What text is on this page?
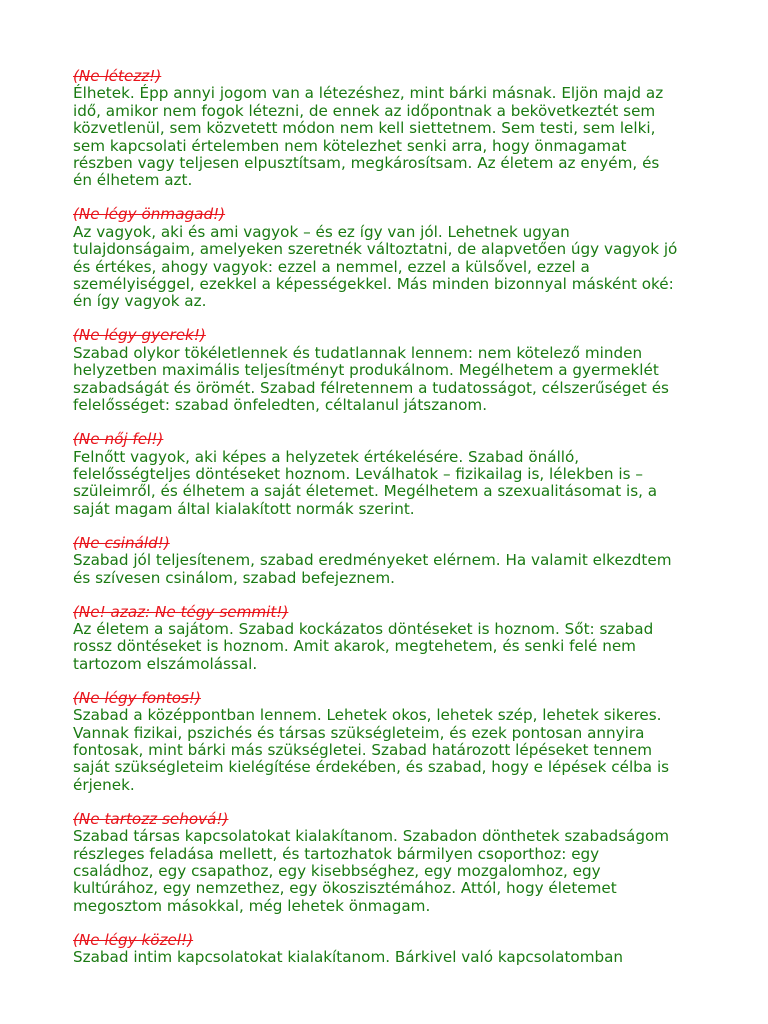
(Ne létezz!)
Élhetek. Épp annyi jogom van a létezéshez, mint bárki másnak. Eljön majd az
idő, amikor nem fogok létezni, de ennek az időpontnak a bekövetkeztét sem
közvetlenül, sem közvetett módon nem kell siettetnem. Sem testi, sem lelki,
sem kapcsolati értelemben nem kötelezhet senki arra, hogy önmagamat
részben vagy teljesen elpusztítsam, megkárosítsam. Az életem az enyém, és
én élhetem azt.
(Ne légy önmagad!)
Az vagyok, aki és ami vagyok – és ez így van jól. Lehetnek ugyan
tulajdonságaim, amelyeken szeretnék változtatni, de alapvetően úgy vagyok jó
és értékes, ahogy vagyok: ezzel a nemmel, ezzel a külsővel, ezzel a
személyiséggel, ezekkel a képességekkel. Más minden bizonnyal másként oké:
én így vagyok az.
(Ne légy gyerek!)
Szabad olykor tökéletlennek és tudatlannak lennem: nem kötelező minden
helyzetben maximális teljesítményt produkálnom. Megélhetem a gyermeklét
szabadságát és örömét. Szabad félretennem a tudatosságot, célszerűséget és
felelősséget: szabad önfeledten, céltalanul játszanom.
(Ne nőj fel!)
Felnőtt vagyok, aki képes a helyzetek értékelésére. Szabad önálló,
felelősségteljes döntéseket hoznom. Leválhatok – fizikailag is, lélekben is –
szüleimről, és élhetem a saját életemet. Megélhetem a szexualitásomat is, a
saját magam által kialakított normák szerint.
(Ne csináld!)
Szabad jól teljesítenem, szabad eredményeket elérnem. Ha valamit elkezdtem
és szívesen csinálom, szabad befejeznem.
(Ne! azaz: Ne tégy semmit!)
Az életem a sajátom. Szabad kockázatos döntéseket is hoznom. Sőt: szabad
rossz döntéseket is hoznom. Amit akarok, megtehetem, és senki felé nem
tartozom elszámolással.
(Ne légy fontos!)
Szabad a középpontban lennem. Lehetek okos, lehetek szép, lehetek sikeres.
Vannak fizikai, pszichés és társas szükségleteim, és ezek pontosan annyira
fontosak, mint bárki más szükségletei. Szabad határozott lépéseket tennem
saját szükségleteim kielégítése érdekében, és szabad, hogy e lépések célba is
érjenek.
(Ne tartozz sehová!)
Szabad társas kapcsolatokat kialakítanom. Szabadon dönthetek szabadságom
részleges feladása mellett, és tartozhatok bármilyen csoporthoz: egy
családhoz, egy csapathoz, egy kisebbséghez, egy mozgalomhoz, egy
kultúrához, egy nemzethez, egy ökoszisztémához. Attól, hogy életemet
megosztom másokkal, még lehetek önmagam.
(Ne légy közel!)
Szabad intim kapcsolatokat kialakítanom. Bárkivel való kapcsolatomban
